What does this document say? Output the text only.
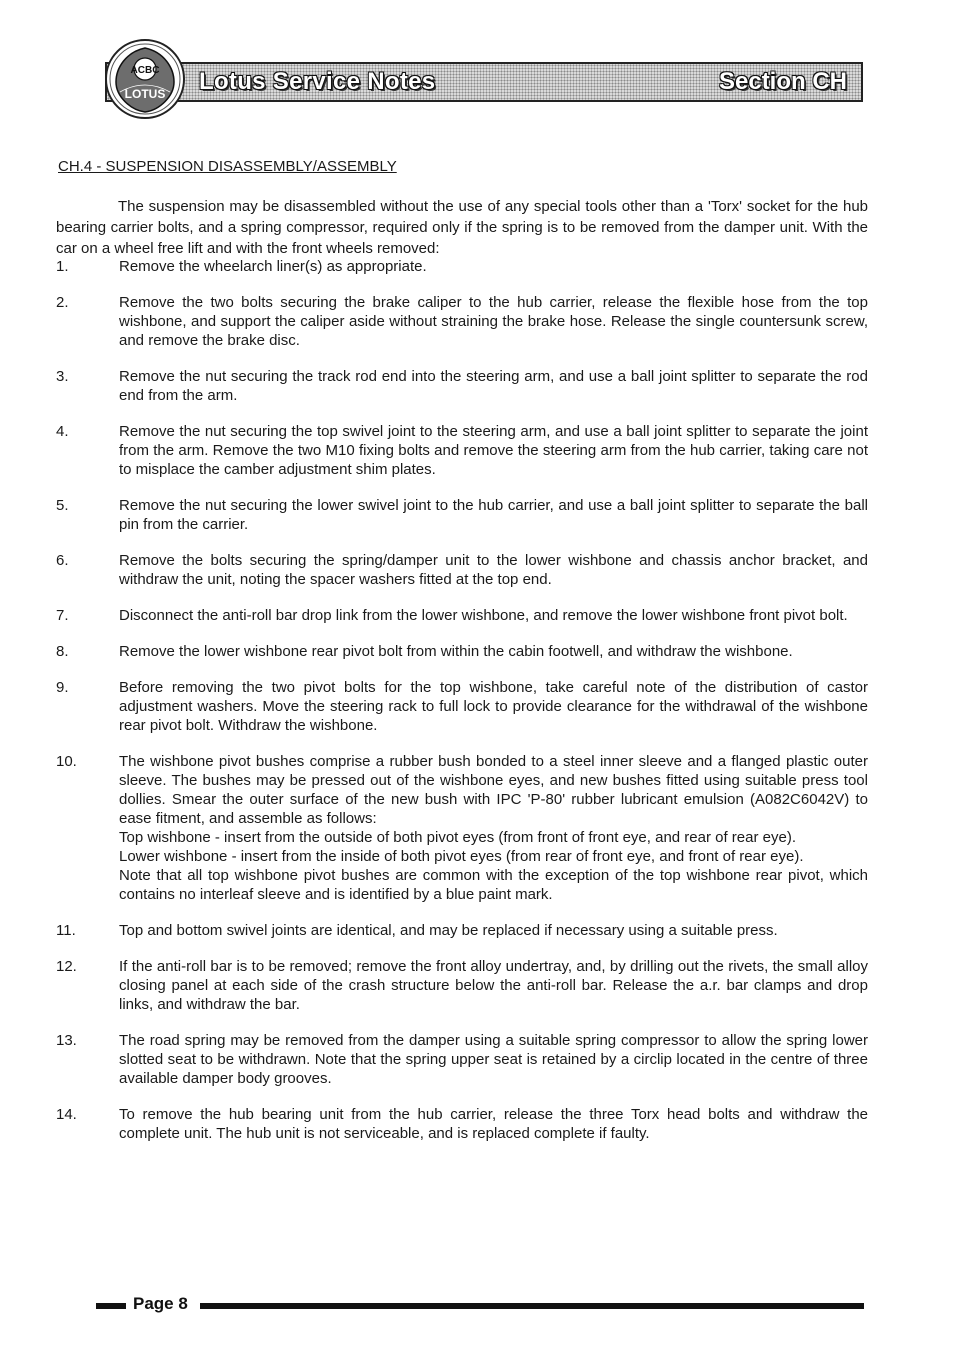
Lotus Service Notes	Section CH
ACBC
LOTUS
CH.4 - SUSPENSION DISASSEMBLY/ASSEMBLY

The suspension may be disassembled without the use of any special tools other than a 'Torx' socket for the hub bearing carrier bolts, and a spring compressor, required only if the spring is to be removed from the damper unit. With the car on a wheel free lift and with the front wheels removed:

1.	Remove the wheelarch liner(s) as appropriate.
2.	Remove the two bolts securing the brake caliper to the hub carrier, release the flexible hose from the top wishbone, and support the caliper aside without straining the brake hose. Release the single countersunk screw, and remove the brake disc.
3.	Remove the nut securing the track rod end into the steering arm, and use a ball joint splitter to separate the rod end from the arm.
4.	Remove the nut securing the top swivel joint to the steering arm, and use a ball joint splitter to separate the joint from the arm. Remove the two M10 fixing bolts and remove the steering arm from the hub carrier, taking care not to misplace the camber adjustment shim plates.
5.	Remove the nut securing the lower swivel joint to the hub carrier, and use a ball joint splitter to separate the ball pin from the carrier.
6.	Remove the bolts securing the spring/damper unit to the lower wishbone and chassis anchor bracket, and withdraw the unit, noting the spacer washers fitted at the top end.
7.	Disconnect the anti-roll bar drop link from the lower wishbone, and remove the lower wishbone front pivot bolt.
8.	Remove the lower wishbone rear pivot bolt from within the cabin footwell, and withdraw the wishbone.
9.	Before removing the two pivot bolts for the top wishbone, take careful note of the distribution of castor adjustment washers. Move the steering rack to full lock to provide clearance for the withdrawal of the wishbone rear pivot bolt. Withdraw the wishbone.
10.	The wishbone pivot bushes comprise a rubber bush bonded to a steel inner sleeve and a flanged plastic outer sleeve. The bushes may be pressed out of the wishbone eyes, and new bushes fitted using suitable press tool dollies. Smear the outer surface of the new bush with IPC 'P-80' rubber lubricant emulsion (A082C6042V) to ease fitment, and assemble as follows:
Top wishbone - insert from the outside of both pivot eyes (from front of front eye, and rear of rear eye).
Lower wishbone - insert from the inside of both pivot eyes (from rear of front eye, and front of rear eye).
Note that all top wishbone pivot bushes are common with the exception of the top wishbone rear pivot, which contains no interleaf sleeve and is identified by a blue paint mark.
11.	Top and bottom swivel joints are identical, and may be replaced if necessary using a suitable press.
12.	If the anti-roll bar is to be removed; remove the front alloy undertray, and, by drilling out the rivets, the small alloy closing panel at each side of the crash structure below the anti-roll bar. Release the a.r. bar clamps and drop links, and withdraw the bar.
13.	The road spring may be removed from the damper using a suitable spring compressor to allow the spring lower slotted seat to be withdrawn. Note that the spring upper seat is retained by a circlip located in the centre of three available damper body grooves.
14.	To remove the hub bearing unit from the hub carrier, release the three Torx head bolts and withdraw the complete unit. The hub unit is not serviceable, and is replaced complete if faulty.
Page 8
